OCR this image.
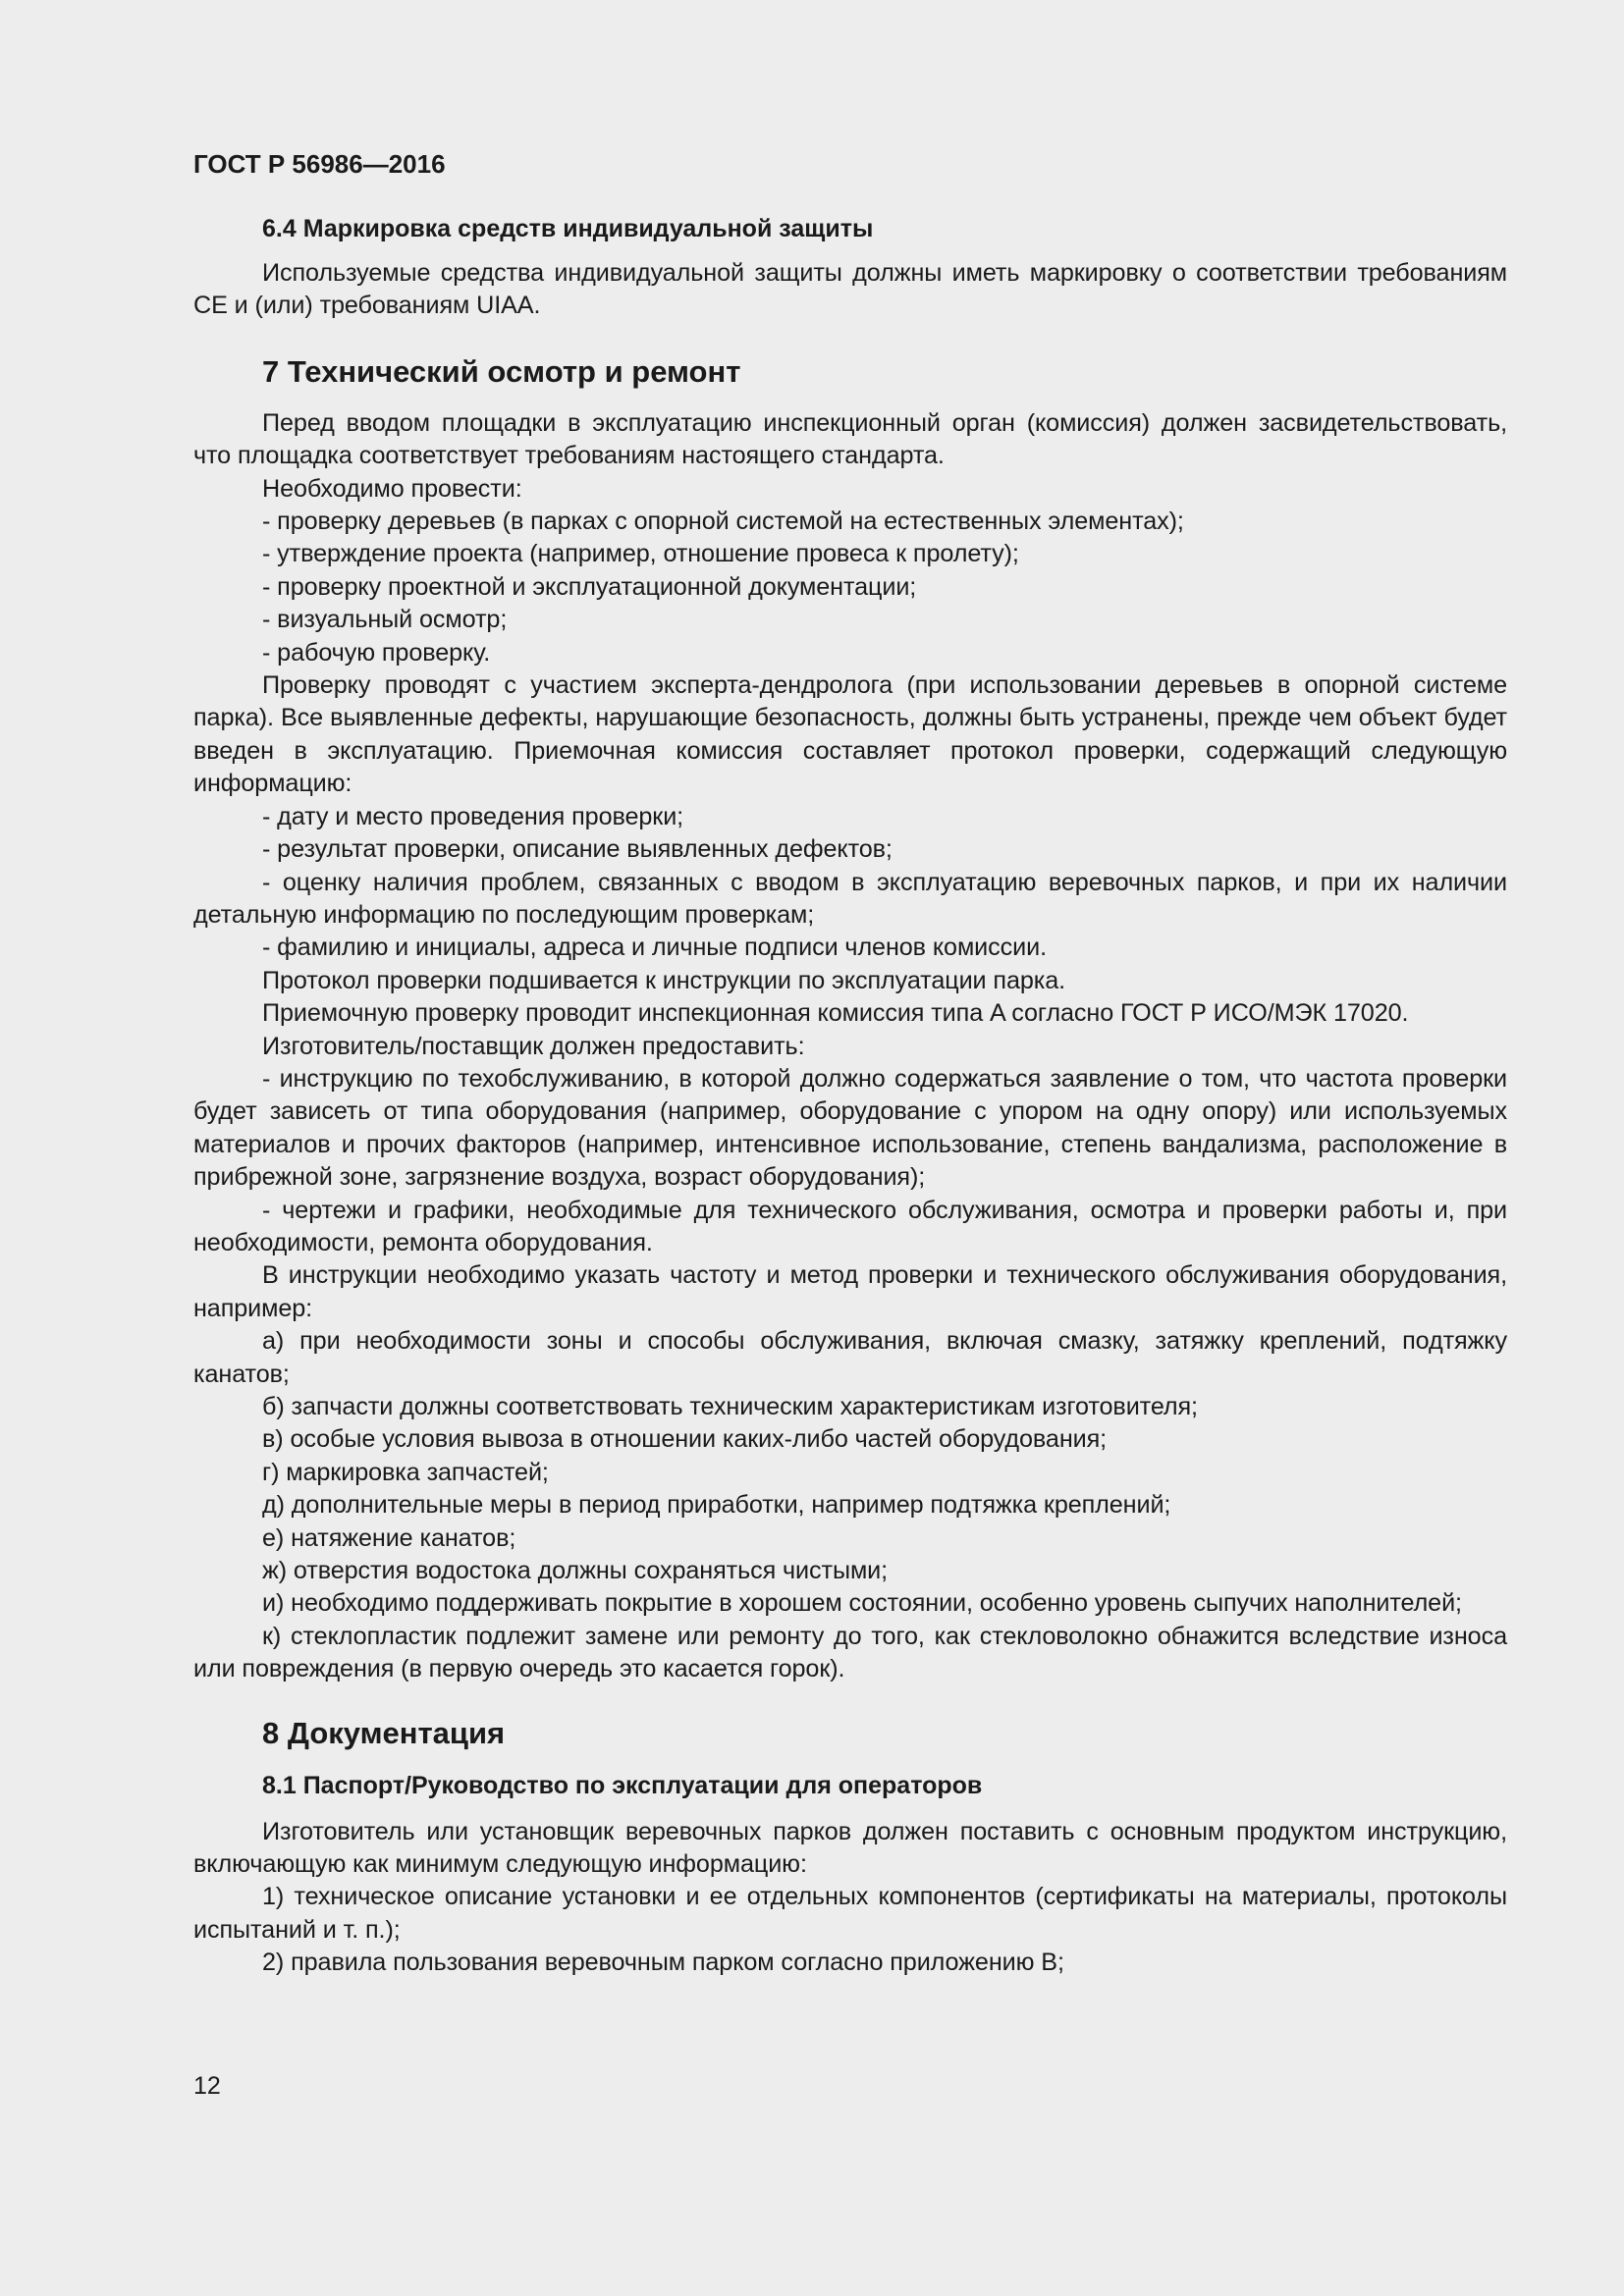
ГОСТ Р 56986—2016
6.4 Маркировка средств индивидуальной защиты

Используемые средства индивидуальной защиты должны иметь маркировку о соответствии требованиям CE и (или) требованиям UIAA.

7 Технический осмотр и ремонт

Перед вводом площадки в эксплуатацию инспекционный орган (комиссия) должен засвидетельствовать, что площадка соответствует требованиям настоящего стандарта.

Необходимо провести:

- проверку деревьев (в парках с опорной системой на естественных элементах);

- утверждение проекта (например, отношение провеса к пролету);

- проверку проектной и эксплуатационной документации;

- визуальный осмотр;

- рабочую проверку.

Проверку проводят с участием эксперта-дендролога (при использовании деревьев в опорной системе парка). Все выявленные дефекты, нарушающие безопасность, должны быть устранены, прежде чем объект будет введен в эксплуатацию. Приемочная комиссия составляет протокол проверки, содержащий следующую информацию:

- дату и место проведения проверки;

- результат проверки, описание выявленных дефектов;

- оценку наличия проблем, связанных с вводом в эксплуатацию веревочных парков, и при их наличии детальную информацию по последующим проверкам;

- фамилию и инициалы, адреса и личные подписи членов комиссии.

Протокол проверки подшивается к инструкции по эксплуатации парка.

Приемочную проверку проводит инспекционная комиссия типа A согласно ГОСТ Р ИСО/МЭК 17020.

Изготовитель/поставщик должен предоставить:

- инструкцию по техобслуживанию, в которой должно содержаться заявление о том, что частота проверки будет зависеть от типа оборудования (например, оборудование с упором на одну опору) или используемых материалов и прочих факторов (например, интенсивное использование, степень вандализма, расположение в прибрежной зоне, загрязнение воздуха, возраст оборудования);

- чертежи и графики, необходимые для технического обслуживания, осмотра и проверки работы и, при необходимости, ремонта оборудования.

В инструкции необходимо указать частоту и метод проверки и технического обслуживания оборудования, например:

а) при необходимости зоны и способы обслуживания, включая смазку, затяжку креплений, подтяжку канатов;

б) запчасти должны соответствовать техническим характеристикам изготовителя;

в) особые условия вывоза в отношении каких-либо частей оборудования;

г) маркировка запчастей;

д) дополнительные меры в период приработки, например подтяжка креплений;

е) натяжение канатов;

ж) отверстия водостока должны сохраняться чистыми;

и) необходимо поддерживать покрытие в хорошем состоянии, особенно уровень сыпучих наполнителей;

к) стеклопластик подлежит замене или ремонту до того, как стекловолокно обнажится вследствие износа или повреждения (в первую очередь это касается горок).

8 Документация
8.1 Паспорт/Руководство по эксплуатации для операторов

Изготовитель или установщик веревочных парков должен поставить с основным продуктом инструкцию, включающую как минимум следующую информацию:

1) техническое описание установки и ее отдельных компонентов (сертификаты на материалы, протоколы испытаний и т. п.);

2) правила пользования веревочным парком согласно приложению В;

12
